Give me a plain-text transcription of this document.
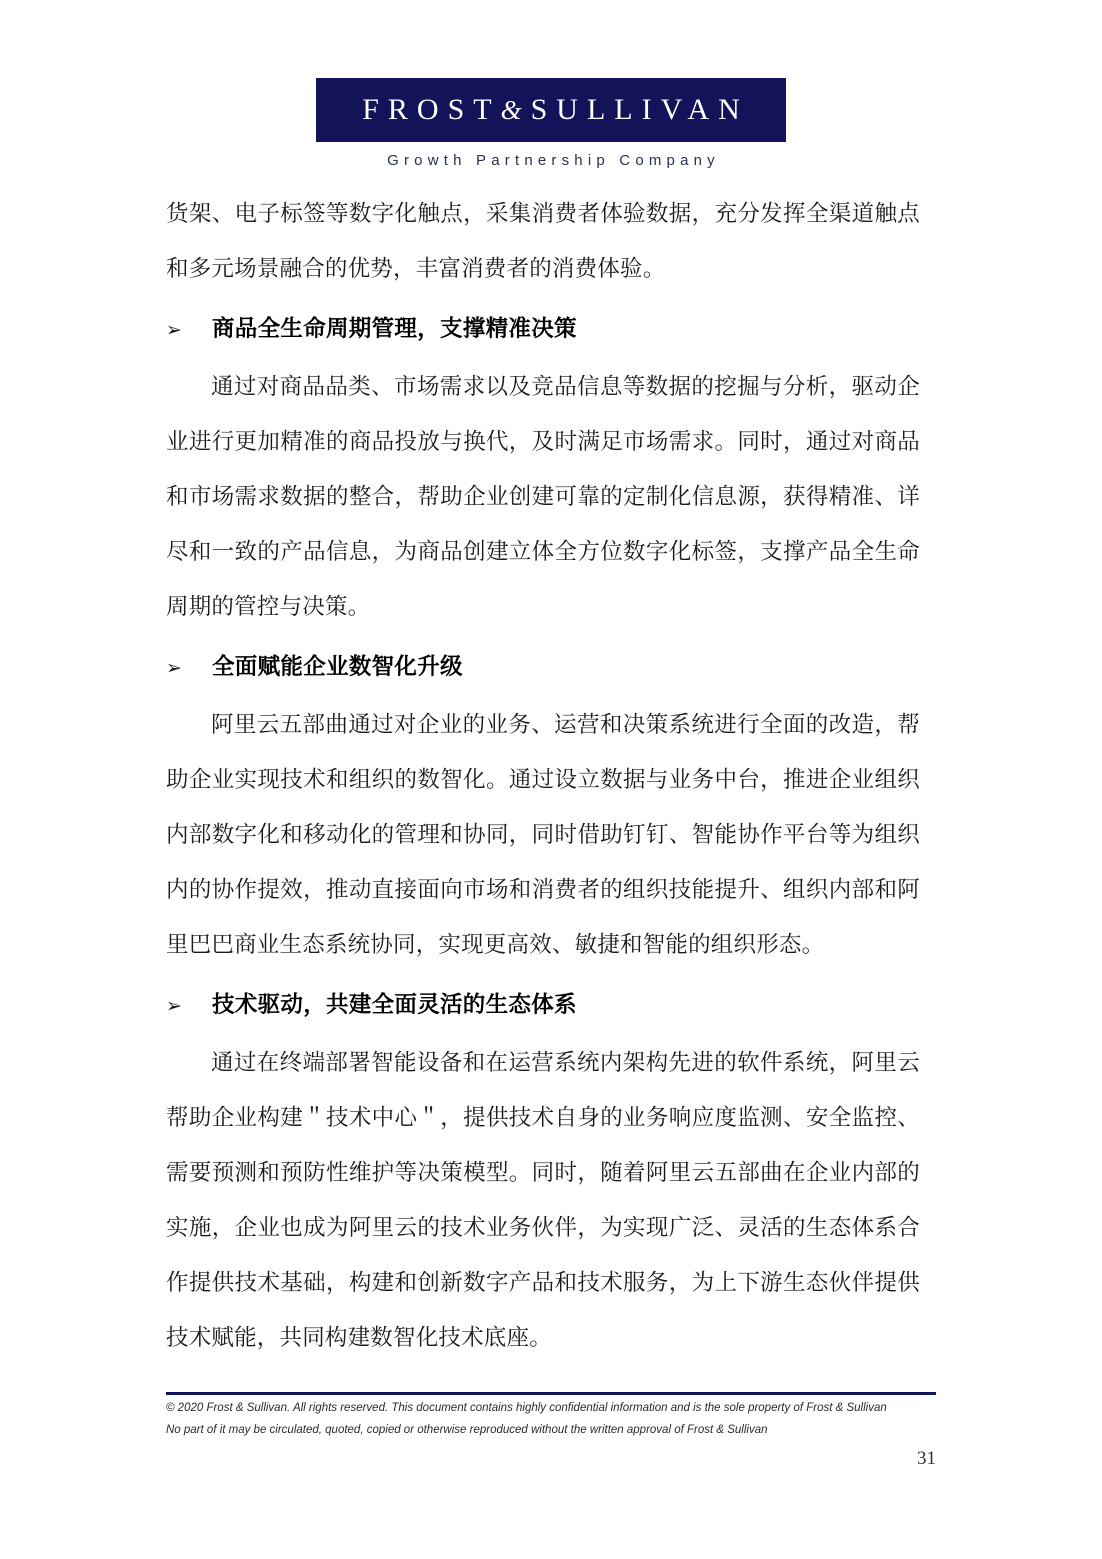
FROST&SULLIVAN
Growth Partnership Company

货架、电子标签等数字化触点，采集消费者体验数据，充分发挥全渠道触点和多元场景融合的优势，丰富消费者的消费体验。

➢	商品全生命周期管理，支撑精准决策

通过对商品品类、市场需求以及竞品信息等数据的挖掘与分析，驱动企业进行更加精准的商品投放与换代，及时满足市场需求。同时，通过对商品和市场需求数据的整合，帮助企业创建可靠的定制化信息源，获得精准、详尽和一致的产品信息，为商品创建立体全方位数字化标签，支撑产品全生命周期的管控与决策。

➢	全面赋能企业数智化升级

阿里云五部曲通过对企业的业务、运营和决策系统进行全面的改造，帮助企业实现技术和组织的数智化。通过设立数据与业务中台，推进企业组织内部数字化和移动化的管理和协同，同时借助钉钉、智能协作平台等为组织内的协作提效，推动直接面向市场和消费者的组织技能提升、组织内部和阿里巴巴商业生态系统协同，实现更高效、敏捷和智能的组织形态。

➢	技术驱动，共建全面灵活的生态体系

通过在终端部署智能设备和在运营系统内架构先进的软件系统，阿里云帮助企业构建＂技术中心＂，提供技术自身的业务响应度监测、安全监控、需要预测和预防性维护等决策模型。同时，随着阿里云五部曲在企业内部的实施，企业也成为阿里云的技术业务伙伴，为实现广泛、灵活的生态体系合作提供技术基础，构建和创新数字产品和技术服务，为上下游生态伙伴提供技术赋能，共同构建数智化技术底座。

© 2020 Frost & Sullivan. All rights reserved. This document contains highly confidential information and is the sole property of Frost & Sullivan
No part of it may be circulated, quoted, copied or otherwise reproduced without the written approval of Frost & Sullivan
31
